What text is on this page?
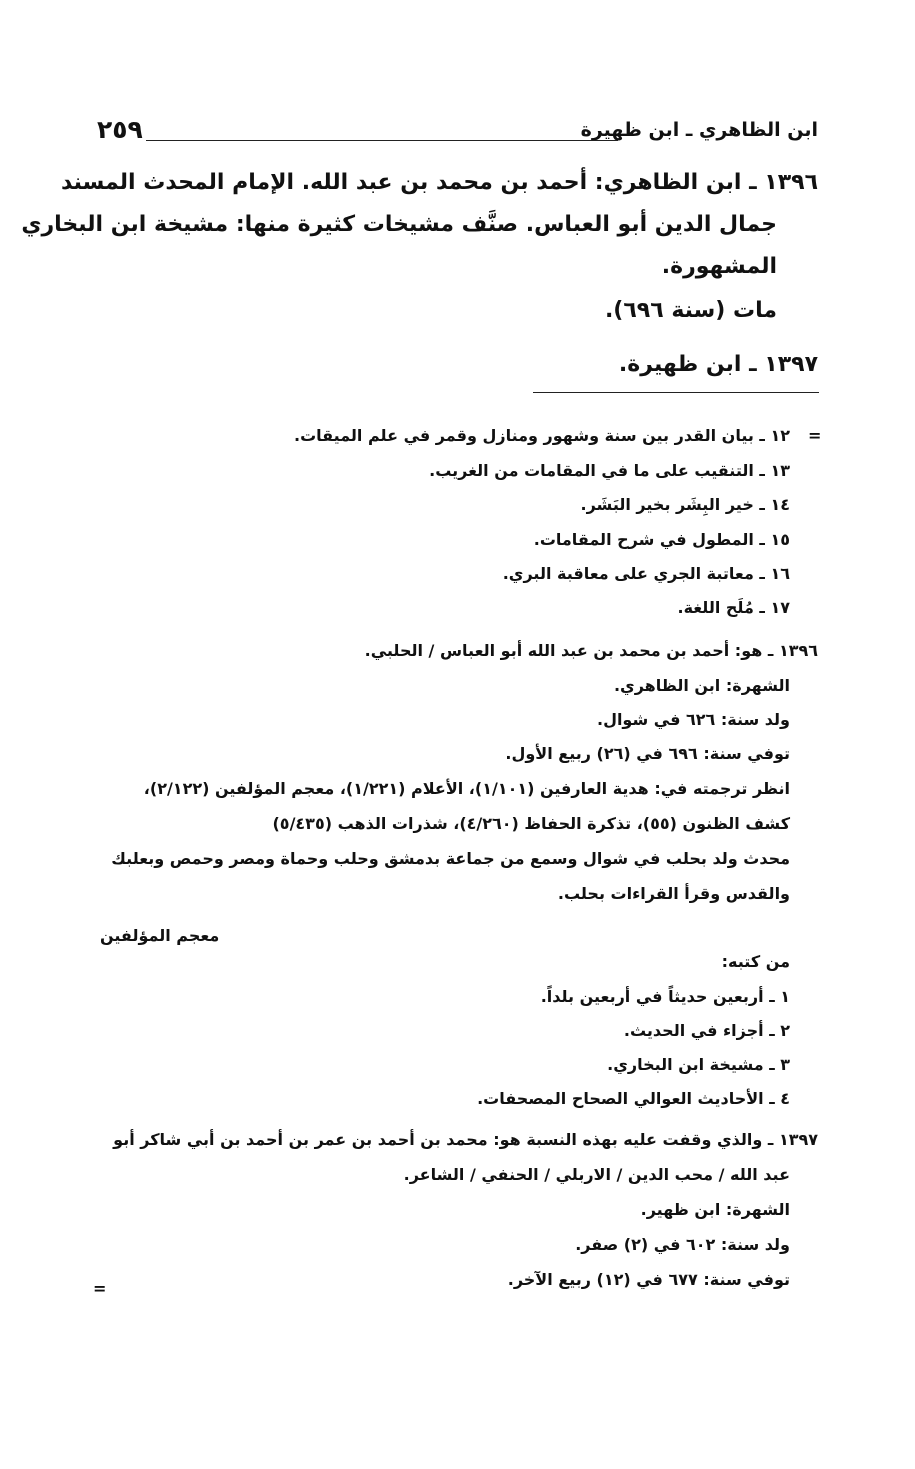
ابن الظاهري ـ ابن ظهيرة
٢٥٩
١٣٩٦ ـ ابن الظاهري: أحمد بن محمد بن عبد الله. الإمام المحدث المسند
جمال الدين أبو العباس. صنَّف مشيخات كثيرة منها: مشيخة ابن البخاري
المشهورة.
مات (سنة ٦٩٦).
١٣٩٧ ـ ابن ظهيرة.
=
١٢ ـ بيان القدر بين سنة وشهور ومنازل وقمر في علم الميقات.
١٣ ـ التنقيب على ما في المقامات من الغريب.
١٤ ـ خير البِشَر بخير البَشَر.
١٥ ـ المطول في شرح المقامات.
١٦ ـ معاتبة الجري على معاقبة البري.
١٧ ـ مُلَح اللغة.
١٣٩٦ ـ هو: أحمد بن محمد بن عبد الله أبو العباس / الحلبي.
الشهرة: ابن الظاهري.
ولد سنة: ٦٢٦ في شوال.
توفي سنة: ٦٩٦ في (٢٦) ربيع الأول.
انظر ترجمته في: هدية العارفين (١/١٠١)، الأعلام (١/٢٢١)، معجم المؤلفين (٢/١٢٢)،
كشف الظنون (٥٥)، تذكرة الحفاظ (٤/٢٦٠)، شذرات الذهب (٥/٤٣٥)
محدث ولد بحلب في شوال وسمع من جماعة بدمشق وحلب وحماة ومصر وحمص وبعلبك
والقدس وقرأ القراءات بحلب.
معجم المؤلفين
من كتبه:
١ ـ أربعين حديثاً في أربعين بلداً.
٢ ـ أجزاء في الحديث.
٣ ـ مشيخة ابن البخاري.
٤ ـ الأحاديث العوالي الصحاح المصحفات.
١٣٩٧ ـ والذي وقفت عليه بهذه النسبة هو: محمد بن أحمد بن عمر بن أحمد بن أبي شاكر أبو
عبد الله / محب الدين / الاربلي / الحنفي / الشاعر.
الشهرة: ابن ظهير.
ولد سنة: ٦٠٢ في (٢) صفر.
توفي سنة: ٦٧٧ في (١٢) ربيع الآخر.
=
